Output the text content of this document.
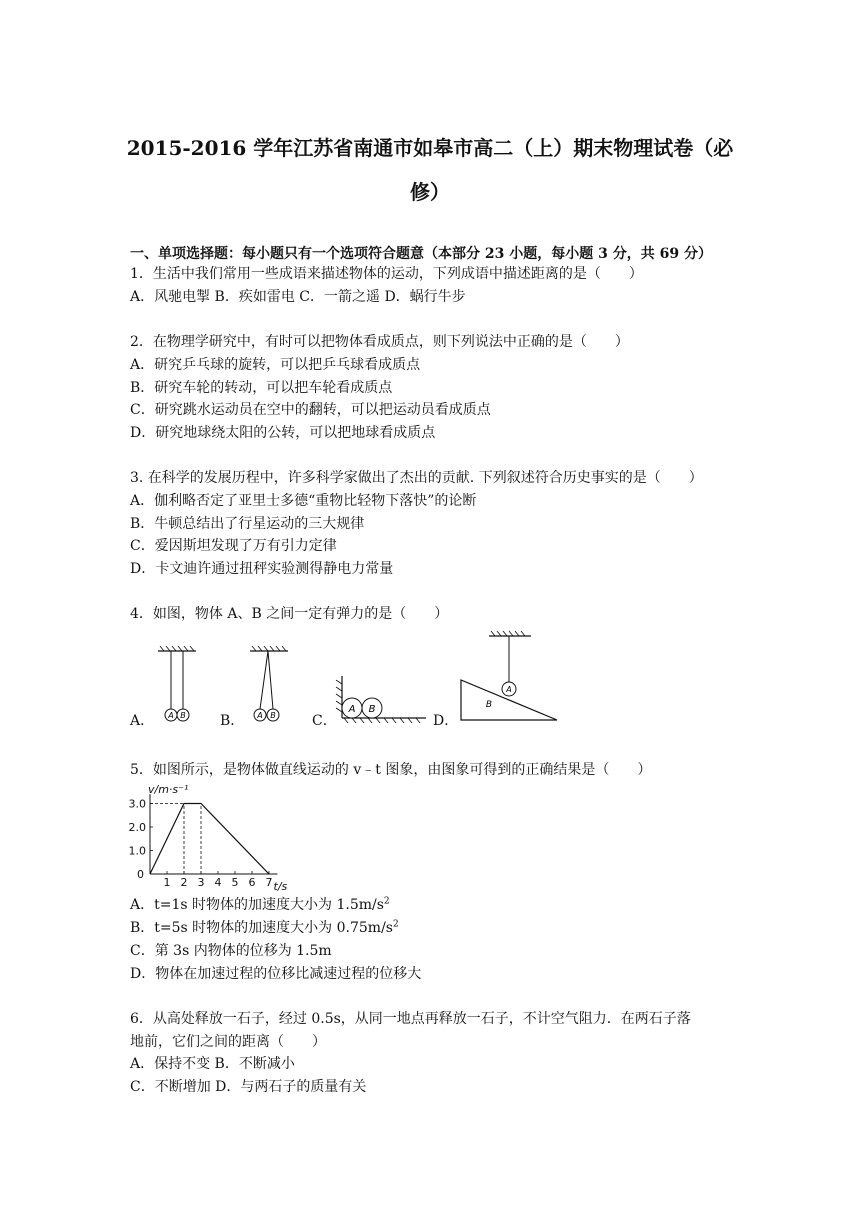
2015-2016 学年江苏省南通市如皋市高二（上）期末物理试卷（必
修）
一、单项选择题：每小题只有一个选项符合题意（本部分 23 小题，每小题 3 分，共 69 分）
1．生活中我们常用一些成语来描述物体的运动，下列成语中描述距离的是（　　）
A．风驰电掣 B．疾如雷电 C．一箭之遥 D．蜗行牛步
2．在物理学研究中，有时可以把物体看成质点，则下列说法中正确的是（　　）
A．研究乒乓球的旋转，可以把乒乓球看成质点
B．研究车轮的转动，可以把车轮看成质点
C．研究跳水运动员在空中的翻转，可以把运动员看成质点
D．研究地球绕太阳的公转，可以把地球看成质点
3. 在科学的发展历程中，许多科学家做出了杰出的贡献. 下列叙述符合历史事实的是（　　）
A．伽利略否定了亚里士多德“重物比轻物下落快”的论断
B．牛顿总结出了行星运动的三大规律
C．爱因斯坦发现了万有引力定律
D．卡文迪许通过扭秤实验测得静电力常量
4．如图，物体 A、B 之间一定有弹力的是（　　）
A．	B．	C．	D．
A B	A B
A B
A
B
5．如图所示，是物体做直线运动的 v﹣t 图象，由图象可得到的正确结果是（　　）
1 2 3 4 5 6 7
3.0
2.0
1.0
0
v/m·s⁻¹
t/s
A．t=1s 时物体的加速度大小为 $1.5m/s^2$
B．t=5s 时物体的加速度大小为 $0.75m/s^2$
C．第 3s 内物体的位移为 1.5m
D．物体在加速过程的位移比减速过程的位移大
6．从高处释放一石子，经过 0.5s，从同一地点再释放一石子，不计空气阻力．在两石子落
地前，它们之间的距离（　　）
A．保持不变 B．不断减小
C．不断增加 D．与两石子的质量有关
